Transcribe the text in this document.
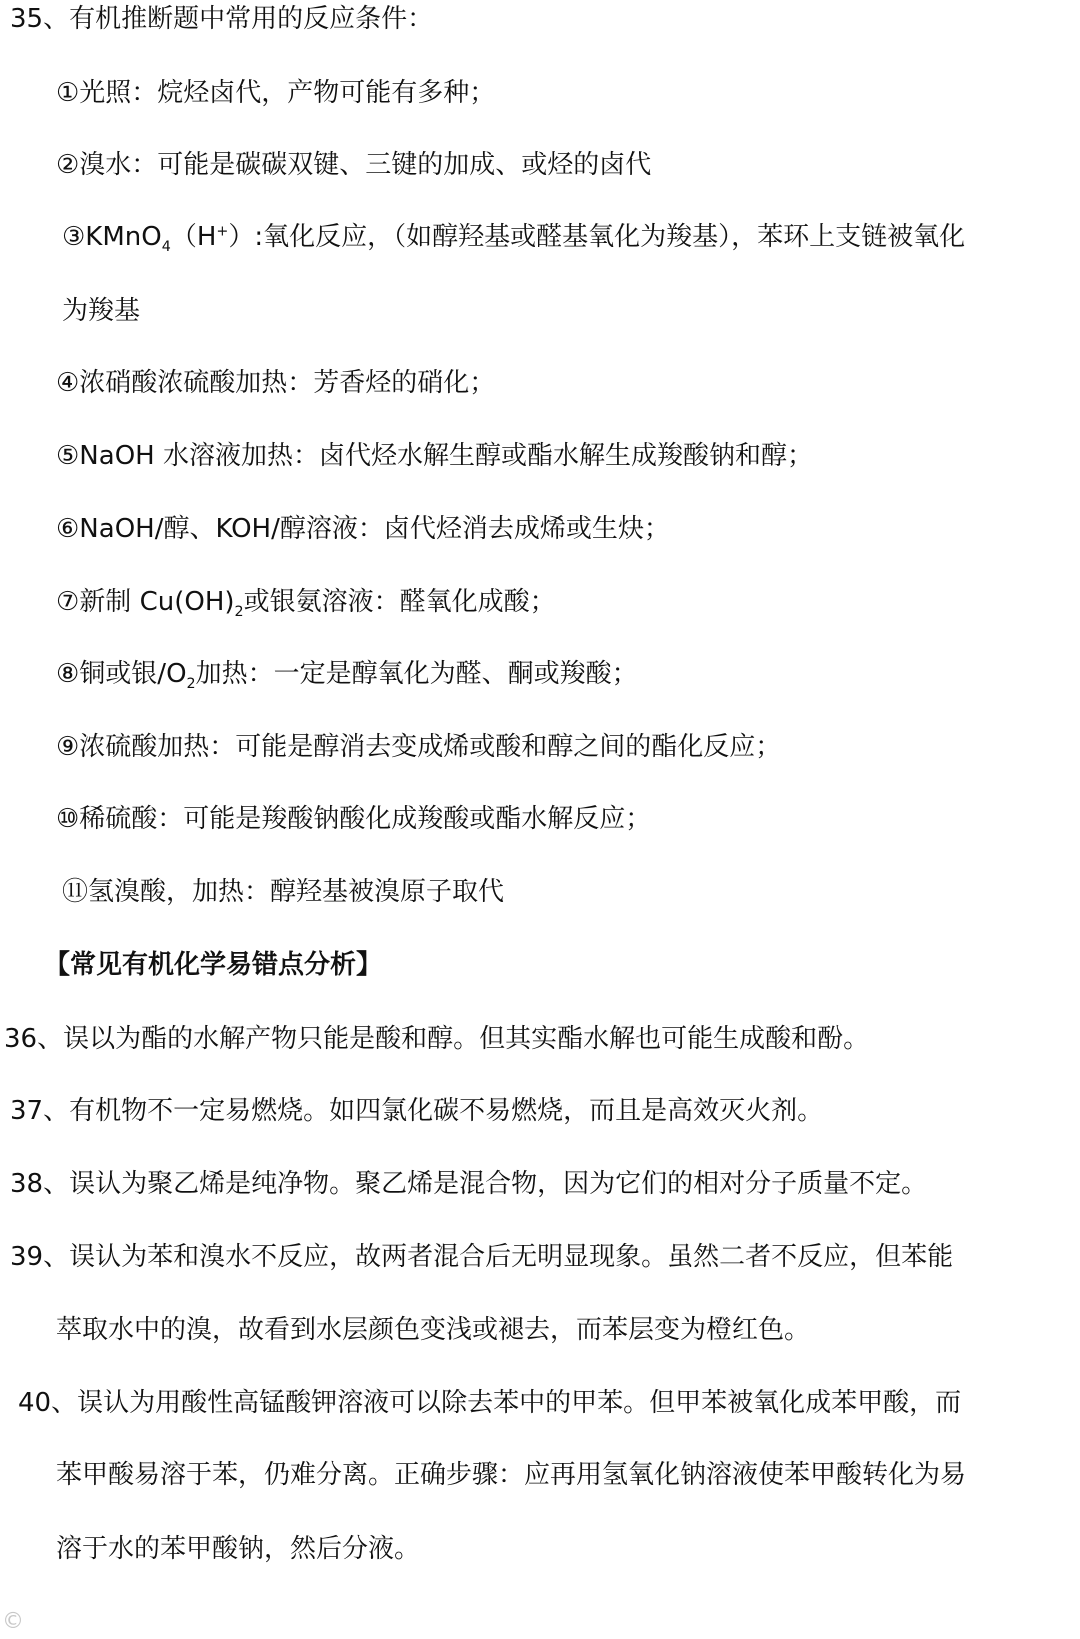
35、有机推断题中常用的反应条件：
①光照：烷烃卤代，产物可能有多种；
②溴水：可能是碳碳双键、三键的加成、或烃的卤代
③KMnO$_4$（H+）:氧化反应，（如醇羟基或醛基氧化为羧基），苯环上支链被氧化
为羧基
④浓硝酸浓硫酸加热：芳香烃的硝化；
⑤NaOH 水溶液加热：卤代烃水解生醇或酯水解生成羧酸钠和醇；
⑥NaOH/醇、KOH/醇溶液：卤代烃消去成烯或生炔；
⑦新制 $Cu(OH)_2$或银氨溶液：醛氧化成酸；
⑧铜或银$/O_2$加热：一定是醇氧化为醛、酮或羧酸；
⑨浓硫酸加热：可能是醇消去变成烯或酸和醇之间的酯化反应；
⑩稀硫酸：可能是羧酸钠酸化成羧酸或酯水解反应；
⑪氢溴酸，加热：醇羟基被溴原子取代
【常见有机化学易错点分析】
36、误以为酯的水解产物只能是酸和醇。但其实酯水解也可能生成酸和酚。
37、有机物不一定易燃烧。如四氯化碳不易燃烧，而且是高效灭火剂。
38、误认为聚乙烯是纯净物。聚乙烯是混合物，因为它们的相对分子质量不定。
39、误认为苯和溴水不反应，故两者混合后无明显现象。虽然二者不反应，但苯能
萃取水中的溴，故看到水层颜色变浅或褪去，而苯层变为橙红色。
40、误认为用酸性高锰酸钾溶液可以除去苯中的甲苯。但甲苯被氧化成苯甲酸，而
苯甲酸易溶于苯，仍难分离。正确步骤：应再用氢氧化钠溶液使苯甲酸转化为易
溶于水的苯甲酸钠，然后分液。
©
